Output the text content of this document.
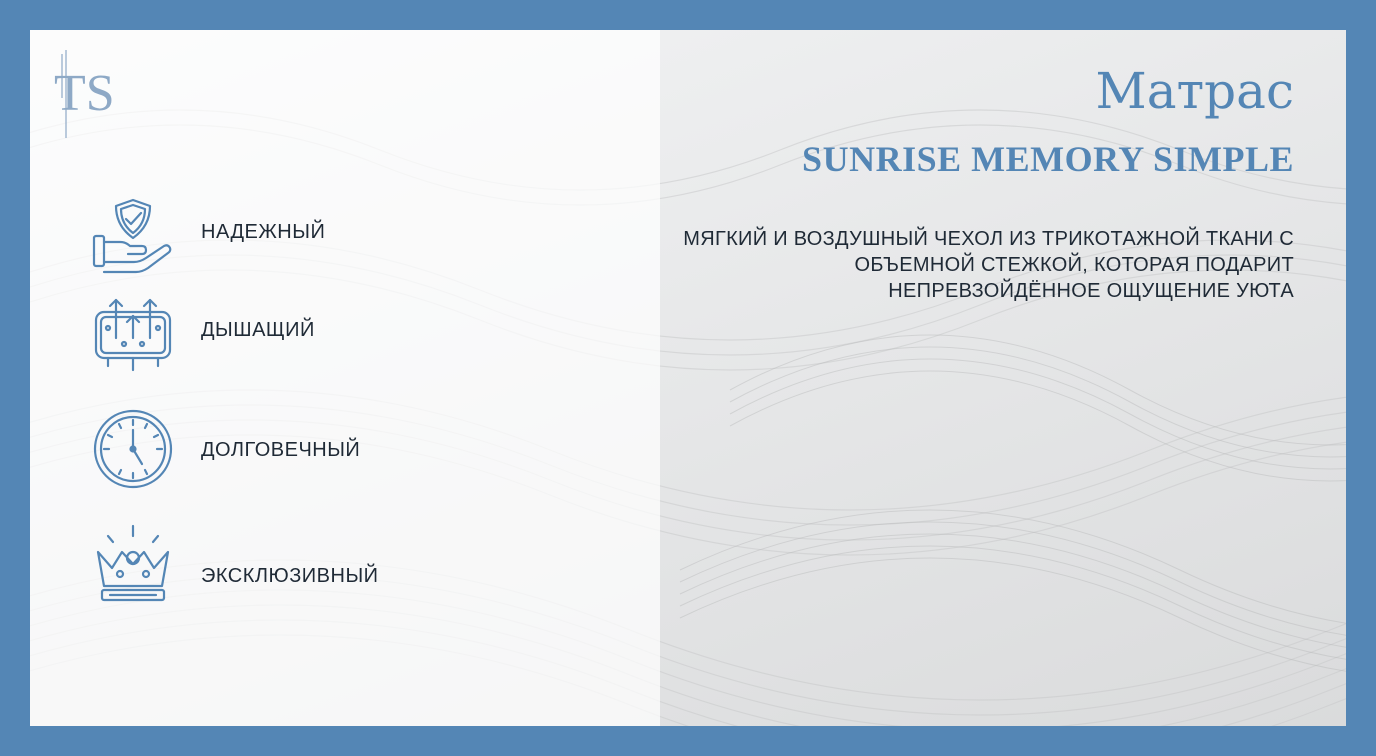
TS
НАДЕЖНЫЙ
ДЫШАЩИЙ
ДОЛГОВЕЧНЫЙ
ЭКСКЛЮЗИВНЫЙ
Матрас
SUNRISE MEMORY SIMPLE

МЯГКИЙ И ВОЗДУШНЫЙ ЧЕХОЛ ИЗ ТРИКОТАЖНОЙ ТКАНИ С ОБЪЕМНОЙ СТЕЖКОЙ, КОТОРАЯ ПОДАРИТ НЕПРЕВЗОЙДЁННОЕ ОЩУЩЕНИЕ УЮТА
